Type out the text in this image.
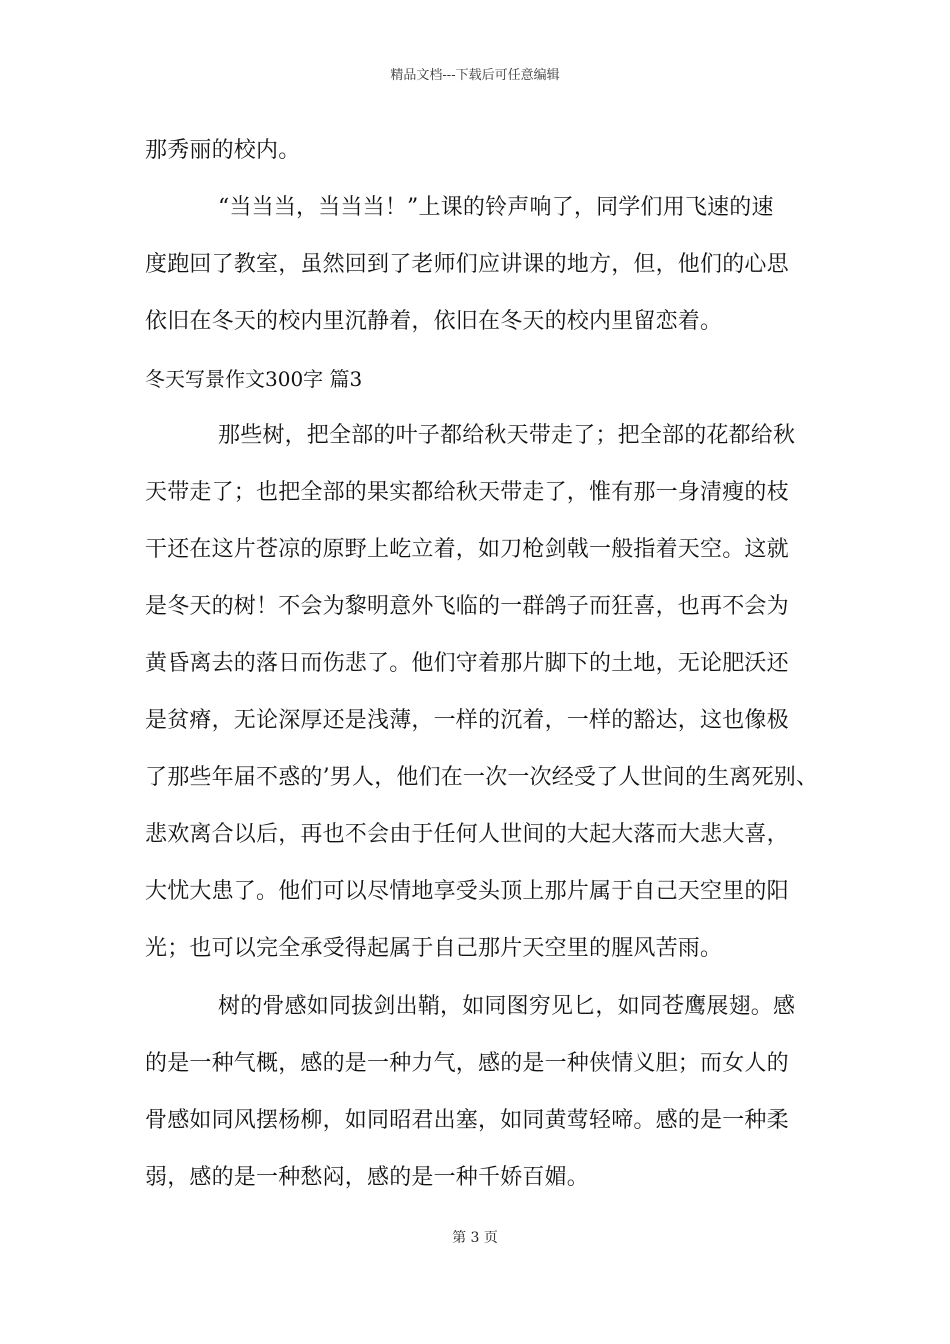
精品文档---下载后可任意编辑
那秀丽的校内。
“当当当，当当当！”上课的铃声响了，同学们用飞速的速
度跑回了教室，虽然回到了老师们应讲课的地方，但，他们的心思
依旧在冬天的校内里沉静着，依旧在冬天的校内里留恋着。
冬天写景作文300字 篇3
那些树，把全部的叶子都给秋天带走了；把全部的花都给秋
天带走了；也把全部的果实都给秋天带走了，惟有那一身清瘦的枝
干还在这片苍凉的原野上屹立着，如刀枪剑戟一般指着天空。这就
是冬天的树！不会为黎明意外飞临的一群鸽子而狂喜，也再不会为
黄昏离去的落日而伤悲了。他们守着那片脚下的土地，无论肥沃还
是贫瘠，无论深厚还是浅薄，一样的沉着，一样的豁达，这也像极
了那些年届不惑的’男人，他们在一次一次经受了人世间的生离死别、
悲欢离合以后，再也不会由于任何人世间的大起大落而大悲大喜，
大忧大患了。他们可以尽情地享受头顶上那片属于自己天空里的阳
光；也可以完全承受得起属于自己那片天空里的腥风苦雨。
树的骨感如同拔剑出鞘，如同图穷见匕，如同苍鹰展翅。感
的是一种气概，感的是一种力气，感的是一种侠情义胆；而女人的
骨感如同风摆杨柳，如同昭君出塞，如同黄莺轻啼。感的是一种柔
弱，感的是一种愁闷，感的是一种千娇百媚。
第 3 页
